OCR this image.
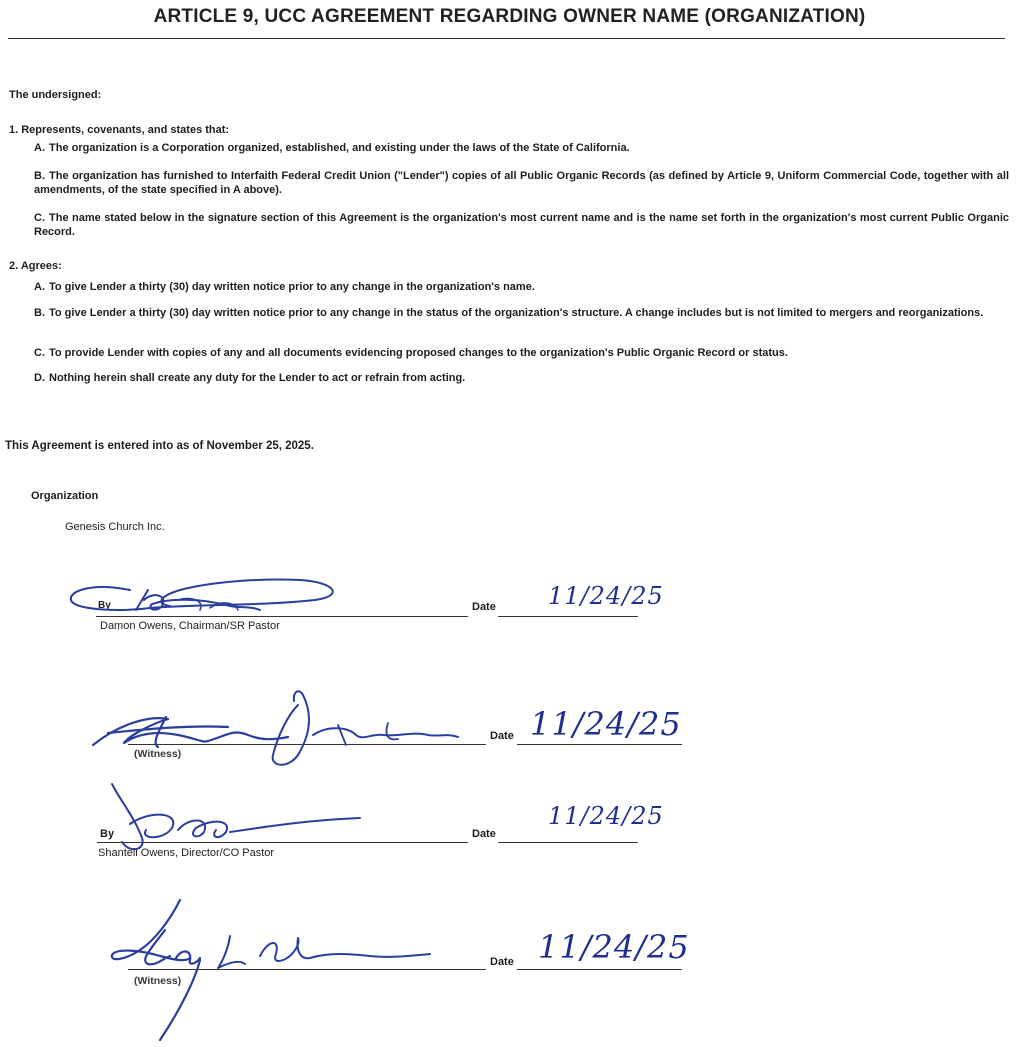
ARTICLE 9, UCC AGREEMENT REGARDING OWNER NAME (ORGANIZATION)
The undersigned:
1. Represents, covenants, and states that:
A. The organization is a Corporation organized, established, and existing under the laws of the State of California.
B. The organization has furnished to Interfaith Federal Credit Union ("Lender") copies of all Public Organic Records (as defined by Article 9, Uniform Commercial Code, together with all amendments, of the state specified in A above).
C. The name stated below in the signature section of this Agreement is the organization's most current name and is the name set forth in the organization's most current Public Organic Record.
2. Agrees:
A. To give Lender a thirty (30) day written notice prior to any change in the organization's name.
B. To give Lender a thirty (30) day written notice prior to any change in the status of the organization's structure. A change includes but is not limited to mergers and reorganizations.
C. To provide Lender with copies of any and all documents evidencing proposed changes to the organization's Public Organic Record or status.
D. Nothing herein shall create any duty for the Lender to act or refrain from acting.
This Agreement is entered into as of November 25, 2025.
Organization
Genesis Church Inc.
By
Damon Owens, Chairman/SR Pastor
Date 11/24/25
(Witness)
Date 11/24/25
By
Shantell Owens, Director/CO Pastor
Date
11/24/25
(Witness)
Date 11/24/25
